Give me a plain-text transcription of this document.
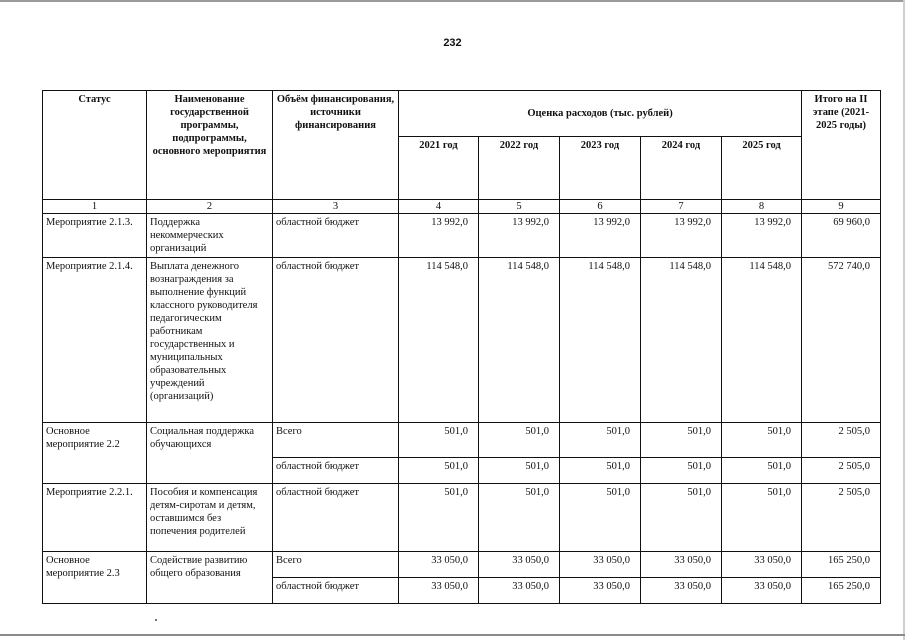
232
Статус	Наименование государственной программы, подпрограммы, основного мероприятия	Объём финансирования, источники финансирования	Оценка расходов (тыс. рублей)					Итого на II этапе (2021-2025 годы)
			2021 год	2022 год	2023 год	2024 год	2025 год	
1	2	3	4	5	6	7	8	9
Мероприятие 2.1.3.	Поддержка некоммерческих организаций	областной бюджет	13 992,0	13 992,0	13 992,0	13 992,0	13 992,0	69 960,0
Мероприятие 2.1.4.	Выплата денежного вознаграждения за выполнение функций классного руководителя педагогическим работникам государственных и муниципальных образовательных учреждений (организаций)	областной бюджет	114 548,0	114 548,0	114 548,0	114 548,0	114 548,0	572 740,0
Основное мероприятие 2.2	Социальная поддержка обучающихся	Всего	501,0	501,0	501,0	501,0	501,0	2 505,0
		областной бюджет	501,0	501,0	501,0	501,0	501,0	2 505,0
Мероприятие 2.2.1.	Пособия и компенсация детям-сиротам и детям, оставшимся без попечения родителей	областной бюджет	501,0	501,0	501,0	501,0	501,0	2 505,0
Основное мероприятие 2.3	Содействие развитию общего образования	Всего	33 050,0	33 050,0	33 050,0	33 050,0	33 050,0	165 250,0
		областной бюджет	33 050,0	33 050,0	33 050,0	33 050,0	33 050,0	165 250,0
